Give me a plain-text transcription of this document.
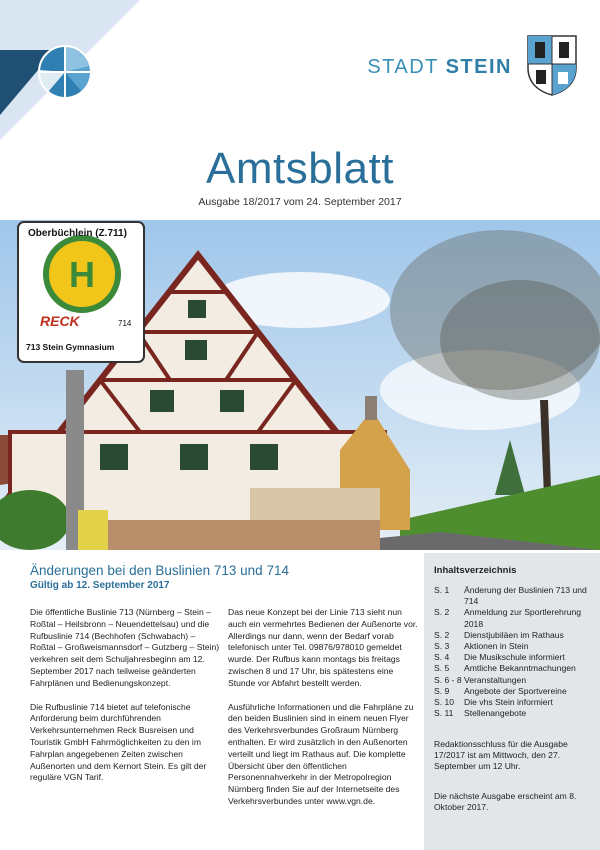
STADT STEIN
Amtsblatt
Ausgabe 18/2017 vom 24. September 2017
Oberbüchlein (Z.711)
H
RECK	714
713 Stein Gymnasium
Änderungen bei den Buslinien 713 und 714
Gültig ab 12. September 2017

Die öffentliche Buslinie 713 (Nürnberg – Stein – Roßtal – Heilsbronn – Neuendettelsau) und die Rufbuslinie 714 (Bechhofen (Schwabach) – Roßtal – Großweismannsdorf – Gutzberg – Stein) verkehren seit dem Schuljahresbeginn am 12. September 2017 nach teilweise geänderten Fahrplänen und Bedienungskonzept.

Die Rufbuslinie 714 bietet auf telefonische Anforderung beim durchführenden Verkehrsunternehmen Reck Busreisen und Touristik GmbH Fahrmöglichkeiten zu den im Fahrplan angegebenen Zeiten zwischen Außenorten und dem Kernort Stein. Es gilt der reguläre VGN Tarif.

Das neue Konzept bei der Linie 713 sieht nun auch ein vermehrtes Bedienen der Außenorte vor. Allerdings nur dann, wenn der Bedarf vorab telefonisch unter Tel. 09876/978010 gemeldet wurde. Der Rufbus kann montags bis freitags zwischen 8 und 17 Uhr, bis spätestens eine Stunde vor Abfahrt bestellt werden.

Ausführliche Informationen und die Fahrpläne zu den beiden Buslinien sind in einem neuen Flyer des Verkehrsverbundes Großraum Nürnberg enthalten. Er wird zusätzlich in den Außenorten verteilt und liegt im Rathaus auf. Die komplette Übersicht über den öffentlichen Personennahverkehr in der Metropolregion Nürnberg finden Sie auf der Internetseite des Verkehrsverbundes unter www.vgn.de.

Inhaltsverzeichnis
S. 1	Änderung der Buslinien 713 und 714
S. 2	Anmeldung zur Sportlerehrung 2018
S. 2	Dienstjubiläen im Rathaus
S. 3	Aktionen in Stein
S. 4	Die Musikschule informiert
S. 5	Amtliche Bekanntmachungen
S. 6 - 8 Veranstaltungen
S. 9	Angebote der Sportvereine
S. 10	Die vhs Stein informiert
S. 11	Stellenangebote
Redaktionsschluss für die Ausgabe 17/2017 ist am Mittwoch, den 27. September um 12 Uhr.
Die nächste Ausgabe erscheint am 8. Oktober 2017.
